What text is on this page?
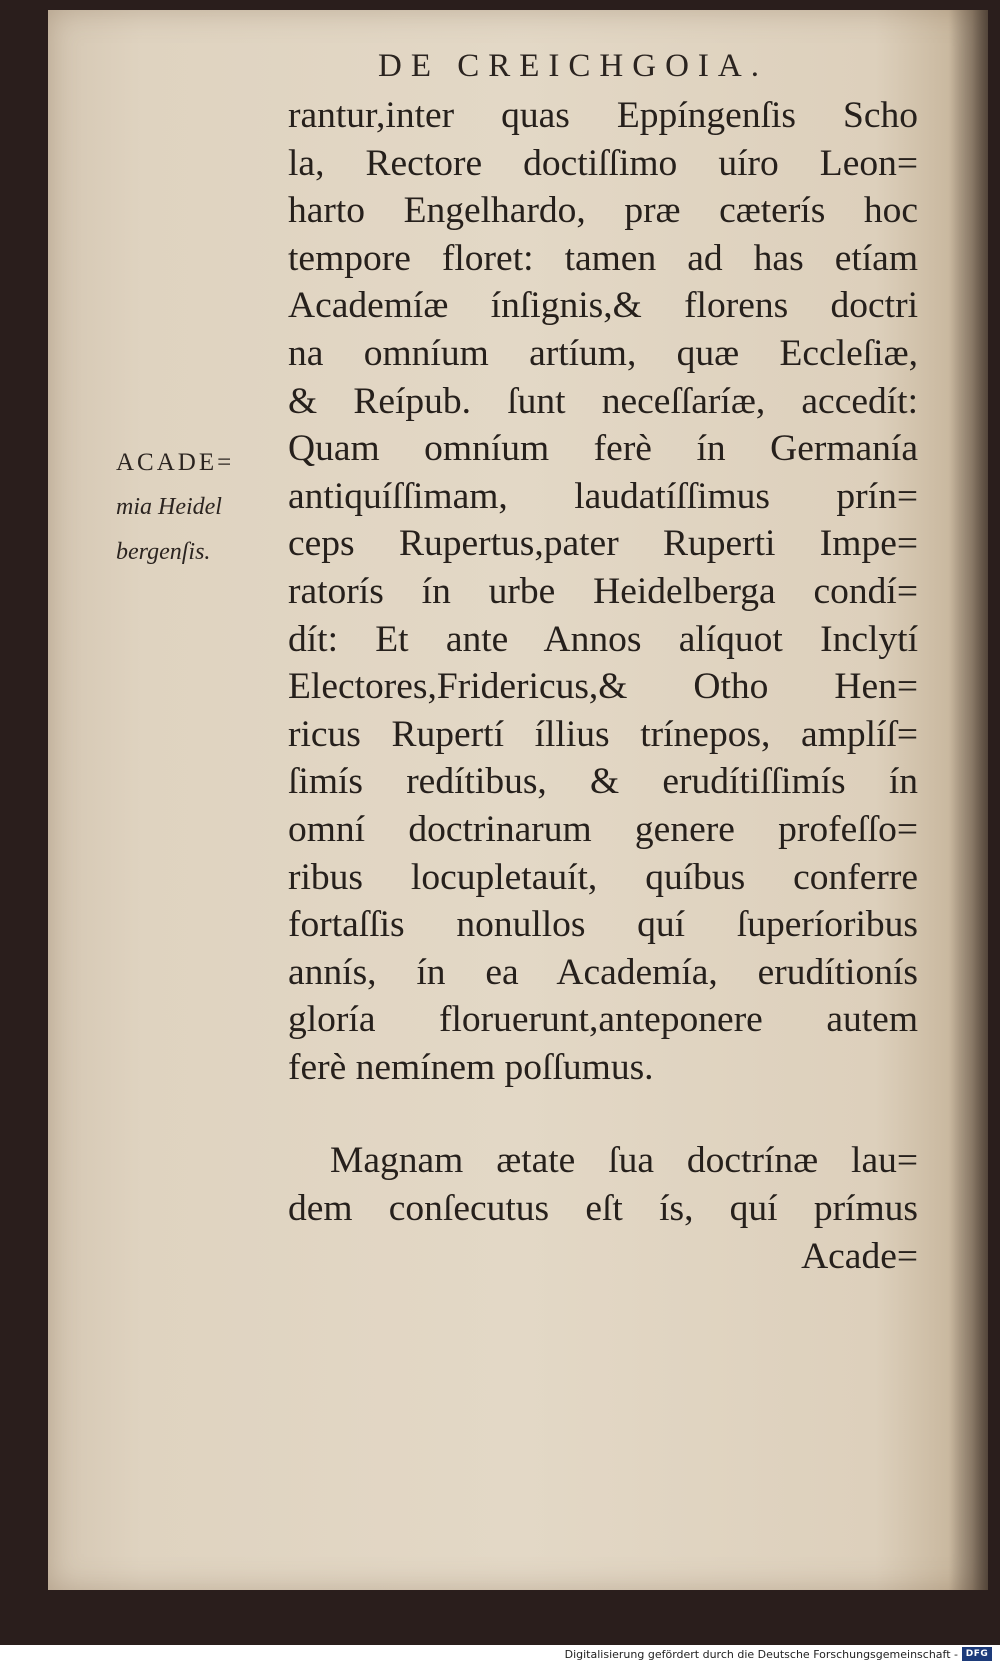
DE CREICHGOIA.
ACADE=
mia Heidel
bergenſis.
rantur,inter quas Eppíngenſis Scho
la, Rectore doctiſſimo uíro Leon=
harto Engelhardo, præ cæterís hoc
tempore floret: tamen ad has etíam
Academíæ ínſignis,& florens doctri
na omníum artíum, quæ Eccleſiæ,
& Reípub. ſunt neceſſaríæ, accedít:
Quam omníum ferè ín Germanía
antiquíſſimam, laudatíſſimus prín=
ceps Rupertus,pater Ruperti Impe=
ratorís ín urbe Heidelberga condí=
dít: Et ante Annos alíquot Inclytí
Electores,Fridericus,& Otho Hen=
ricus Rupertí íllius trínepos, amplíſ=
ſimís redítibus, & erudítiſſimís ín
omní doctrinarum genere profeſſo=
ribus locupletauít, quíbus conferre
fortaſſis nonullos quí ſuperíoribus
annís, ín ea Academía, erudítionís
gloría floruerunt,anteponere autem
ferè nemínem poſſumus.
Magnam ætate ſua doctrínæ lau=
dem conſecutus eſt ís, quí prímus
Acade=
Digitalisierung gefördert durch die Deutsche Forschungsgemeinschaft - DFG
